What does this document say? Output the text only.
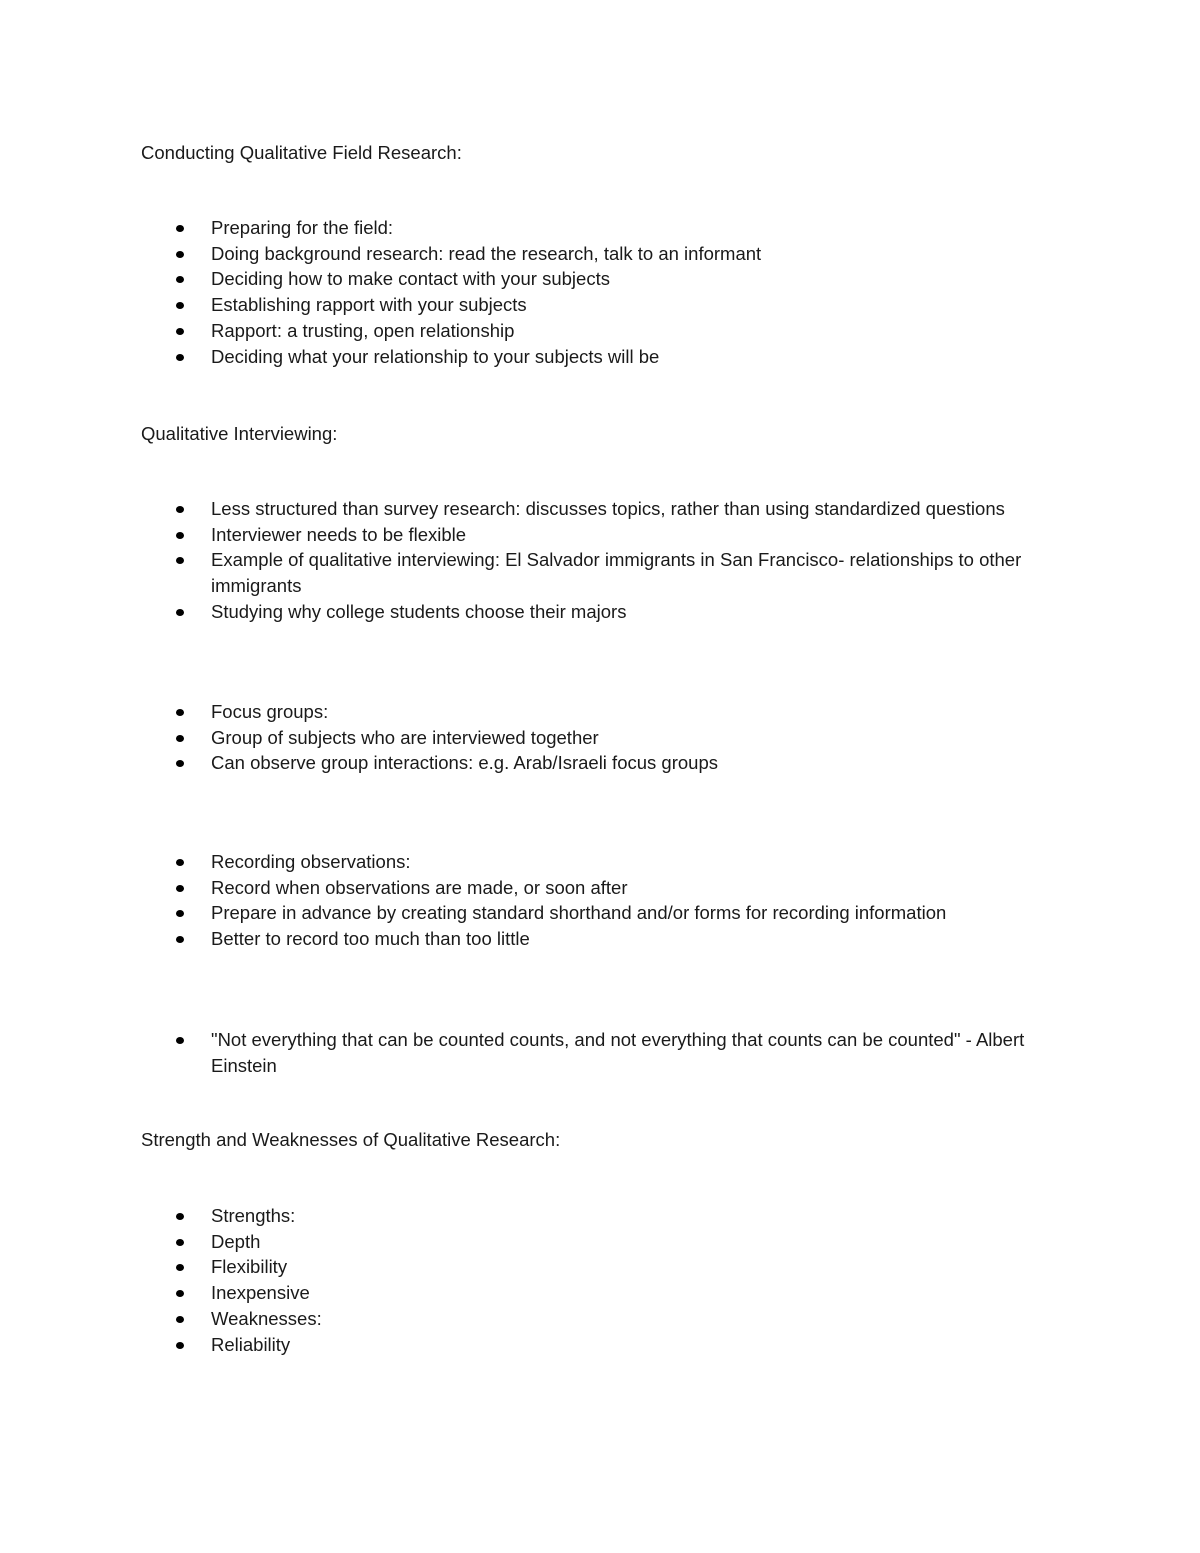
Conducting Qualitative Field Research:
Preparing for the field:
Doing background research: read the research, talk to an informant
Deciding how to make contact with your subjects
Establishing rapport with your subjects
Rapport: a trusting, open relationship
Deciding what your relationship to your subjects will be
Qualitative Interviewing:
Less structured than survey research: discusses topics, rather than using standardized questions
Interviewer needs to be flexible
Example of qualitative interviewing: El Salvador immigrants in San Francisco- relationships to other immigrants
Studying why college students choose their majors
Focus groups:
Group of subjects who are interviewed together
Can observe group interactions: e.g. Arab/Israeli focus groups
Recording observations:
Record when observations are made, or soon after
Prepare in advance by creating standard shorthand and/or forms for recording information
Better to record too much than too little
"Not everything that can be counted counts, and not everything that counts can be counted" - Albert Einstein
Strength and Weaknesses of Qualitative Research:
Strengths:
Depth
Flexibility
Inexpensive
Weaknesses:
Reliability
